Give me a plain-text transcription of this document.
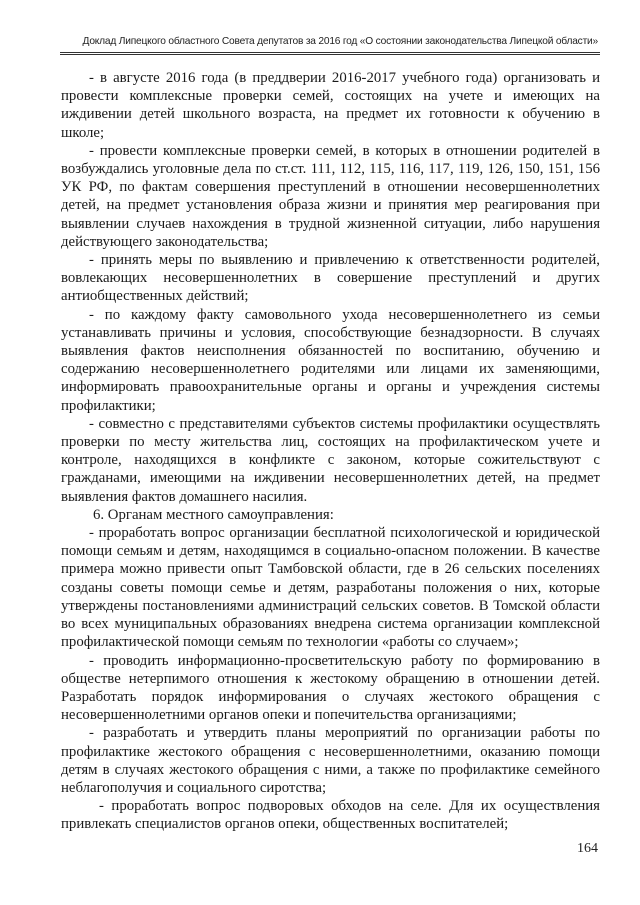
Доклад Липецкого областного Совета депутатов за 2016 год «О состоянии законодательства Липецкой области»

- в августе 2016 года (в преддверии 2016-2017 учебного года) организовать и провести комплексные проверки семей, состоящих на учете и имеющих на иждивении детей школьного возраста, на предмет их готовности к обучению в школе;

- провести комплексные проверки семей, в которых в отношении родителей в возбуждались уголовные дела по ст.ст. 111, 112, 115, 116, 117, 119, 126, 150, 151, 156 УК РФ, по фактам совершения преступлений в отношении несовершеннолетних детей, на предмет установления образа жизни и принятия мер реагирования при выявлении случаев нахождения в трудной жизненной ситуации, либо нарушения действующего законодательства;

- принять меры по выявлению и привлечению к ответственности родителей, вовлекающих несовершеннолетних в совершение преступлений и других антиобщественных действий;

- по каждому факту самовольного ухода несовершеннолетнего из семьи устанавливать причины и условия, способствующие безнадзорности. В случаях выявления фактов неисполнения обязанностей по воспитанию, обучению и содержанию несовершеннолетнего родителями или лицами их заменяющими, информировать правоохранительные органы и органы и учреждения системы профилактики;

- совместно с представителями субъектов системы профилактики осуществлять проверки по месту жительства лиц, состоящих на профилактическом учете и контроле, находящихся в конфликте с законом, которые сожительствуют с гражданами, имеющими на иждивении несовершеннолетних детей, на предмет выявления фактов домашнего насилия.

6. Органам местного самоуправления:

- проработать вопрос организации бесплатной психологической и юридической помощи семьям и детям, находящимся в социально-опасном положении. В качестве примера можно привести опыт Тамбовской области, где в 26 сельских поселениях созданы советы помощи семье и детям, разработаны положения о них, которые утверждены постановлениями администраций сельских советов. В Томской области во всех муниципальных образованиях внедрена система организации комплексной профилактической помощи семьям по технологии «работы со случаем»;

- проводить информационно-просветительскую работу по формированию в обществе нетерпимого отношения к жестокому обращению в отношении детей. Разработать порядок информирования о случаях жестокого обращения с несовершеннолетними органов опеки и попечительства организациями;

- разработать и утвердить планы мероприятий по организации работы по профилактике жестокого обращения с несовершеннолетними, оказанию помощи детям в случаях жестокого обращения с ними, а также по профилактике семейного неблагополучия и социального сиротства;

- проработать вопрос подворовых обходов на селе. Для их осуществления привлекать специалистов органов опеки, общественных воспитателей;

164
